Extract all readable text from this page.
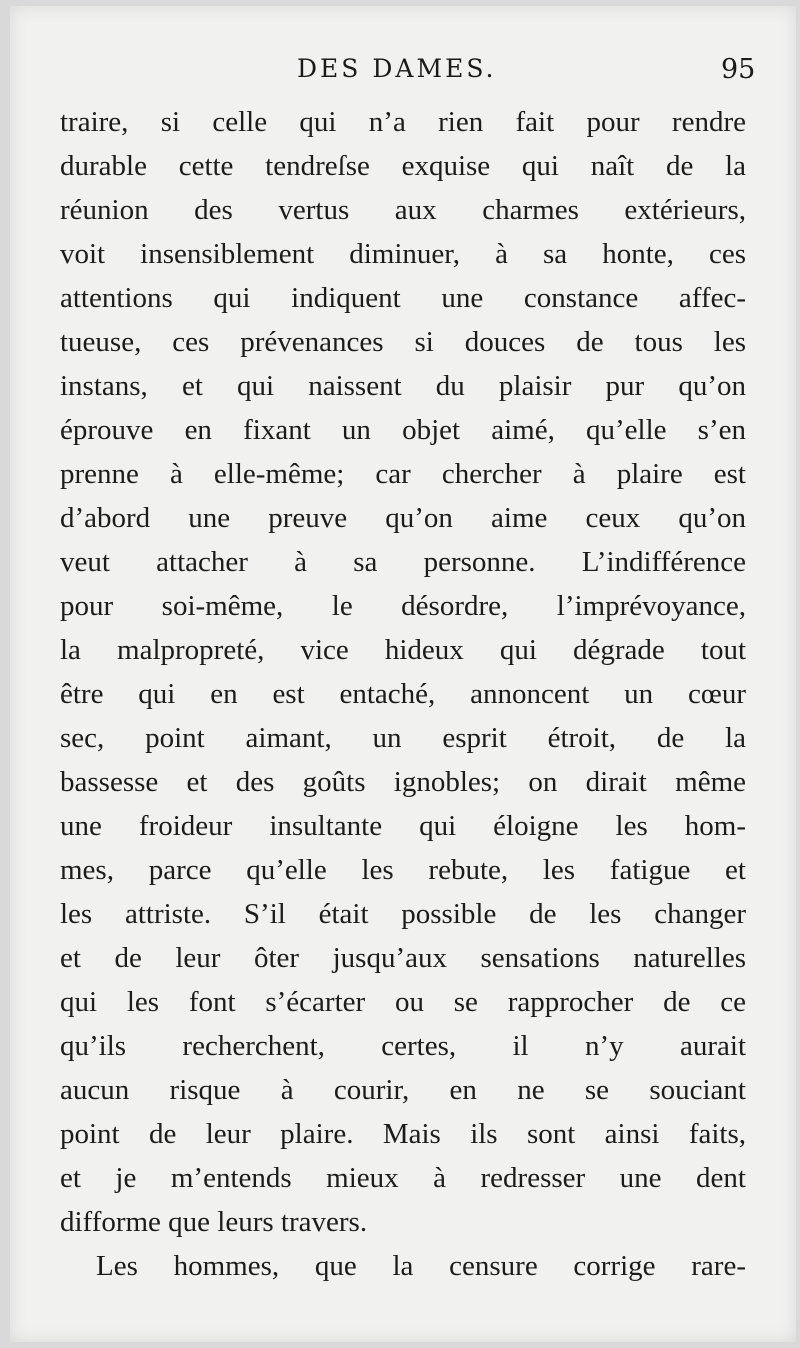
DES DAMES.	95
traire, si celle qui n’a rien fait pour rendre
durable cette tendreſse exquise qui naît de la
réunion des vertus aux charmes extérieurs,
voit insensiblement diminuer, à sa honte, ces
attentions qui indiquent une constance affec-
tueuse, ces prévenances si douces de tous les
instans, et qui naissent du plaisir pur qu’on
éprouve en fixant un objet aimé, qu’elle s’en
prenne à elle-même; car chercher à plaire est
d’abord une preuve qu’on aime ceux qu’on
veut attacher à sa personne. L’indifférence
pour soi-même, le désordre, l’imprévoyance,
la malpropreté, vice hideux qui dégrade tout
être qui en est entaché, annoncent un cœur
sec, point aimant, un esprit étroit, de la
bassesse et des goûts ignobles; on dirait même
une froideur insultante qui éloigne les hom-
mes, parce qu’elle les rebute, les fatigue et
les attriste. S’il était possible de les changer
et de leur ôter jusqu’aux sensations naturelles
qui les font s’écarter ou se rapprocher de ce
qu’ils recherchent, certes, il n’y aurait
aucun risque à courir, en ne se souciant
point de leur plaire. Mais ils sont ainsi faits,
et je m’entends mieux à redresser une dent
difforme que leurs travers.
Les hommes, que la censure corrige rare-
